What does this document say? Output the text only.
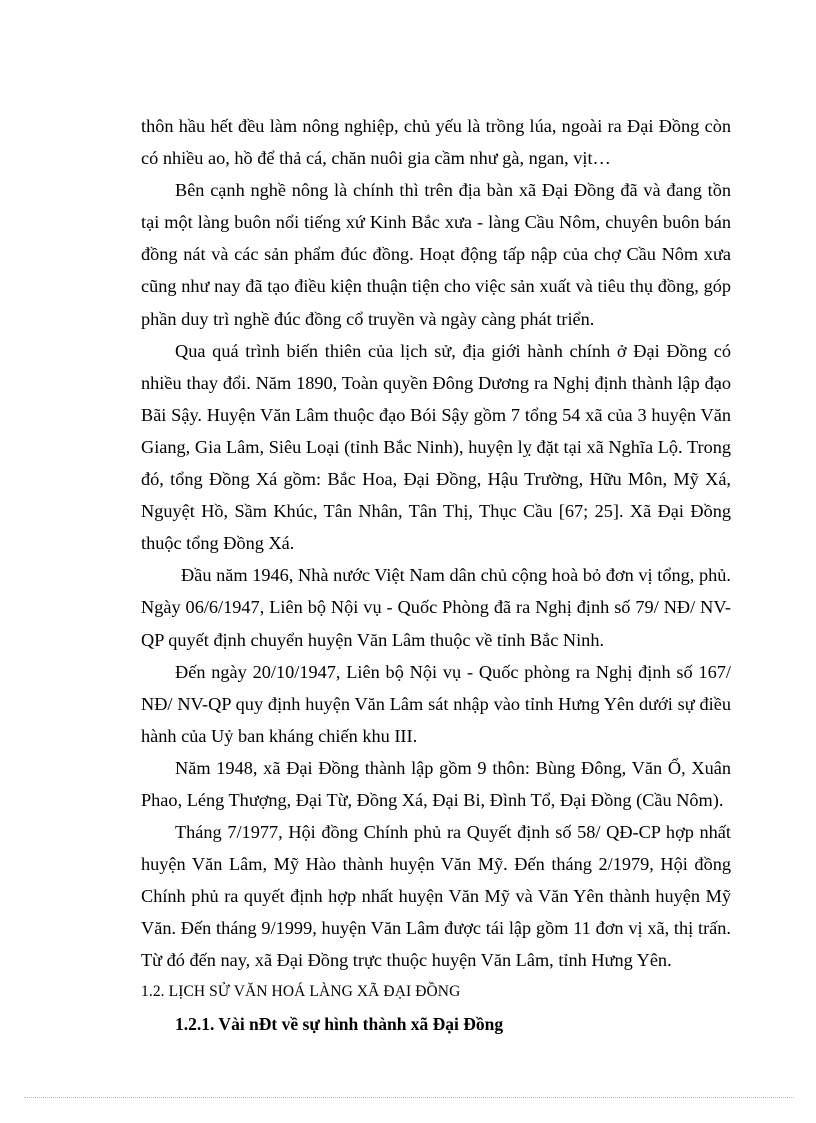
thôn hầu hết đều làm nông nghiệp, chủ yếu là trồng lúa, ngoài ra Đại Đồng còn có nhiều ao, hồ để thả cá, chăn nuôi gia cầm như gà, ngan, vịt…

Bên cạnh nghề nông là chính thì trên địa bàn xã Đại Đồng đã và đang tồn tại một làng buôn nổi tiếng xứ Kinh Bắc xưa - làng Cầu Nôm, chuyên buôn bán đồng nát và các sản phẩm đúc đồng. Hoạt động tấp nập của chợ Cầu Nôm xưa cũng như nay đã tạo điều kiện thuận tiện cho việc sản xuất và tiêu thụ đồng, góp phần duy trì nghề đúc đồng cổ truyền và ngày càng phát triển.

Qua quá trình biến thiên của lịch sử, địa giới hành chính ở Đại Đồng có nhiều thay đổi. Năm 1890, Toàn quyền Đông Dương ra Nghị định thành lập đạo Bãi Sậy. Huyện Văn Lâm thuộc đạo Bói Sậy gồm 7 tổng 54 xã của 3 huyện Văn Giang, Gia Lâm, Siêu Loại (tỉnh Bắc Ninh), huyện lỵ đặt tại xã Nghĩa Lộ. Trong đó, tổng Đồng Xá gồm: Bắc Hoa, Đại Đồng, Hậu Trường, Hữu Môn, Mỹ Xá, Nguyệt Hồ, Sầm Khúc, Tân Nhân, Tân Thị, Thục Cầu [67; 25]. Xã Đại Đồng thuộc tổng Đồng Xá.

Đầu năm 1946, Nhà nước Việt Nam dân chủ cộng hoà bỏ đơn vị tổng, phủ. Ngày 06/6/1947, Liên bộ Nội vụ - Quốc Phòng đã ra Nghị định số 79/ NĐ/ NV-QP quyết định chuyển huyện Văn Lâm thuộc về tỉnh Bắc Ninh.

Đến ngày 20/10/1947, Liên bộ Nội vụ - Quốc phòng ra Nghị định số 167/ NĐ/ NV-QP quy định huyện Văn Lâm sát nhập vào tỉnh Hưng Yên dưới sự điều hành của Uỷ ban kháng chiến khu III.

Năm 1948, xã Đại Đồng thành lập gồm 9 thôn: Bùng Đông, Văn Ổ, Xuân Phao, Léng Thượng, Đại Từ, Đồng Xá, Đại Bi, Đình Tổ, Đại Đồng (Cầu Nôm).

Tháng 7/1977, Hội đồng Chính phủ ra Quyết định số 58/ QĐ-CP hợp nhất huyện Văn Lâm, Mỹ Hào thành huyện Văn Mỹ. Đến tháng 2/1979, Hội đồng Chính phủ ra quyết định hợp nhất huyện Văn Mỹ và Văn Yên thành huyện Mỹ Văn. Đến tháng 9/1999, huyện Văn Lâm được tái lập gồm 11 đơn vị xã, thị trấn. Từ đó đến nay, xã Đại Đồng trực thuộc huyện Văn Lâm, tỉnh Hưng Yên.

1.2. LỊCH SỬ VĂN HOÁ LÀNG XÃ ĐẠI ĐỒNG

1.2.1. Vài nĐt về sự hình thành xã Đại Đồng
